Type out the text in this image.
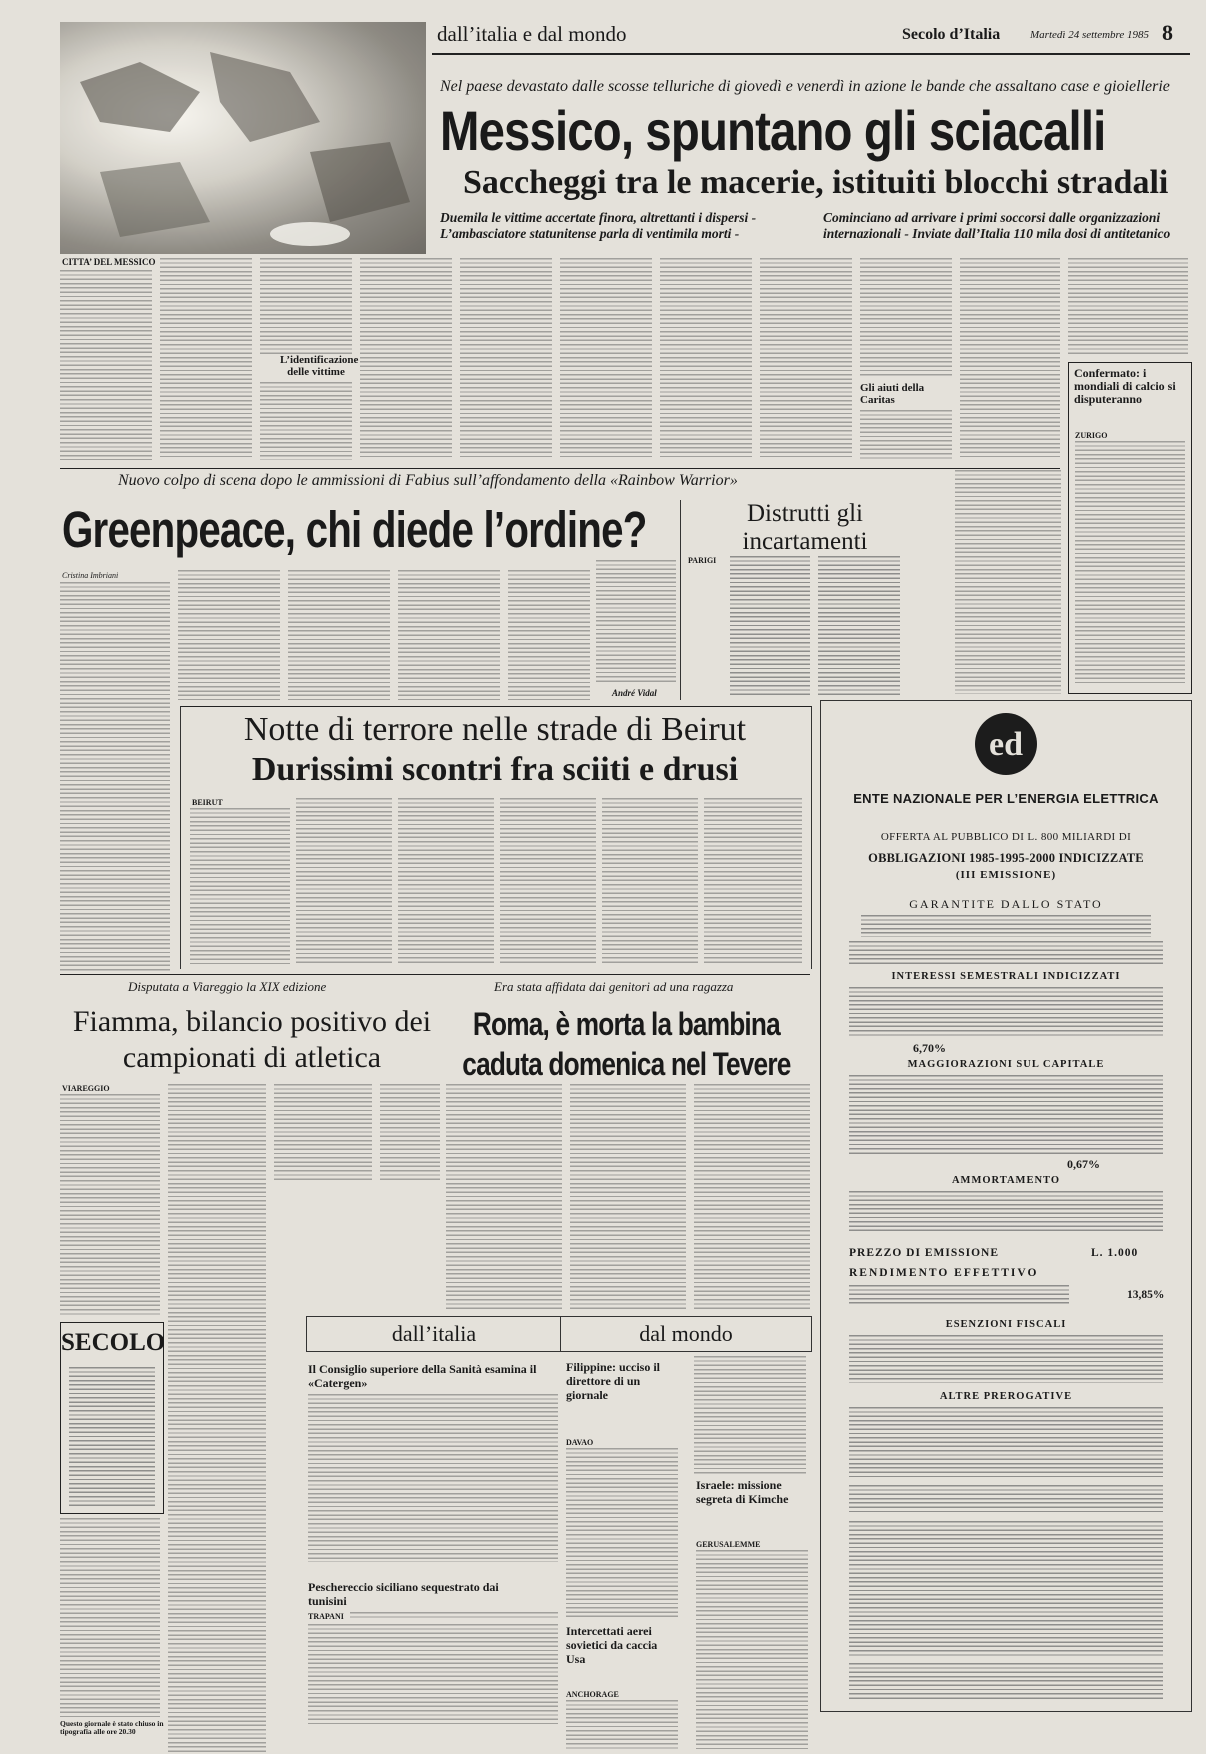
dall’italia e dal mondo	Secolo d’Italia	Martedì 24 settembre 1985 8
CITTA’ DEL MESSICO
Nel paese devastato dalle scosse telluriche di giovedì e venerdì in azione le bande che assaltano case e gioiellerie
Messico, spuntano gli sciacalli
Saccheggi tra le macerie, istituiti blocchi stradali
Duemila le vittime accertate finora, altrettanti i dispersi - L’ambasciatore statunitense parla di ventimila morti - Cominciano ad arrivare i primi soccorsi dalle organizzazioni internazionali - Inviate dall’Italia 110 mila dosi di antitetanico
L’identificazione delle vittime
Gli aiuti della Caritas
Confermato: i mondiali di calcio si disputeranno
ZURIGO
Nuovo colpo di scena dopo le ammissioni di Fabius sull’affondamento della «Rainbow Warrior»
Greenpeace, chi diede l’ordine?	Distrutti gli incartamenti
Cristina Imbriani
André Vidal
PARIGI
Notte di terrore nelle strade di Beirut
Durissimi scontri fra sciiti e drusi
BEIRUT
ed
ENTE NAZIONALE PER L’ENERGIA ELETTRICA
OFFERTA AL PUBBLICO DI L. 800 MILIARDI DI
OBBLIGAZIONI 1985-1995-2000 INDICIZZATE
(III EMISSIONE)
GARANTITE DALLO STATO
INTERESSI SEMESTRALI INDICIZZATI
6,70%
MAGGIORAZIONI SUL CAPITALE
0,67%
AMMORTAMENTO
PREZZO DI EMISSIONE	L. 1.000
RENDIMENTO EFFETTIVO
13,85%
ESENZIONI FISCALI
ALTRE PREROGATIVE
Disputata a Viareggio la XIX edizione
Fiamma, bilancio positivo dei campionati di atletica
VIAREGGIO
SECOLO
Questo giornale è stato chiuso in tipografia alle ore 20.30
Era stata affidata dai genitori ad una ragazza
Roma, è morta la bambina caduta domenica nel Tevere
dall’italia
Il Consiglio superiore della Sanità esamina il «Catergen»
Peschereccio siciliano sequestrato dai tunisini
TRAPANI
dal mondo
Filippine: ucciso il direttore di un giornale
DAVAO
Intercettati aerei sovietici da caccia Usa
ANCHORAGE
Israele: missione segreta di Kimche
GERUSALEMME
